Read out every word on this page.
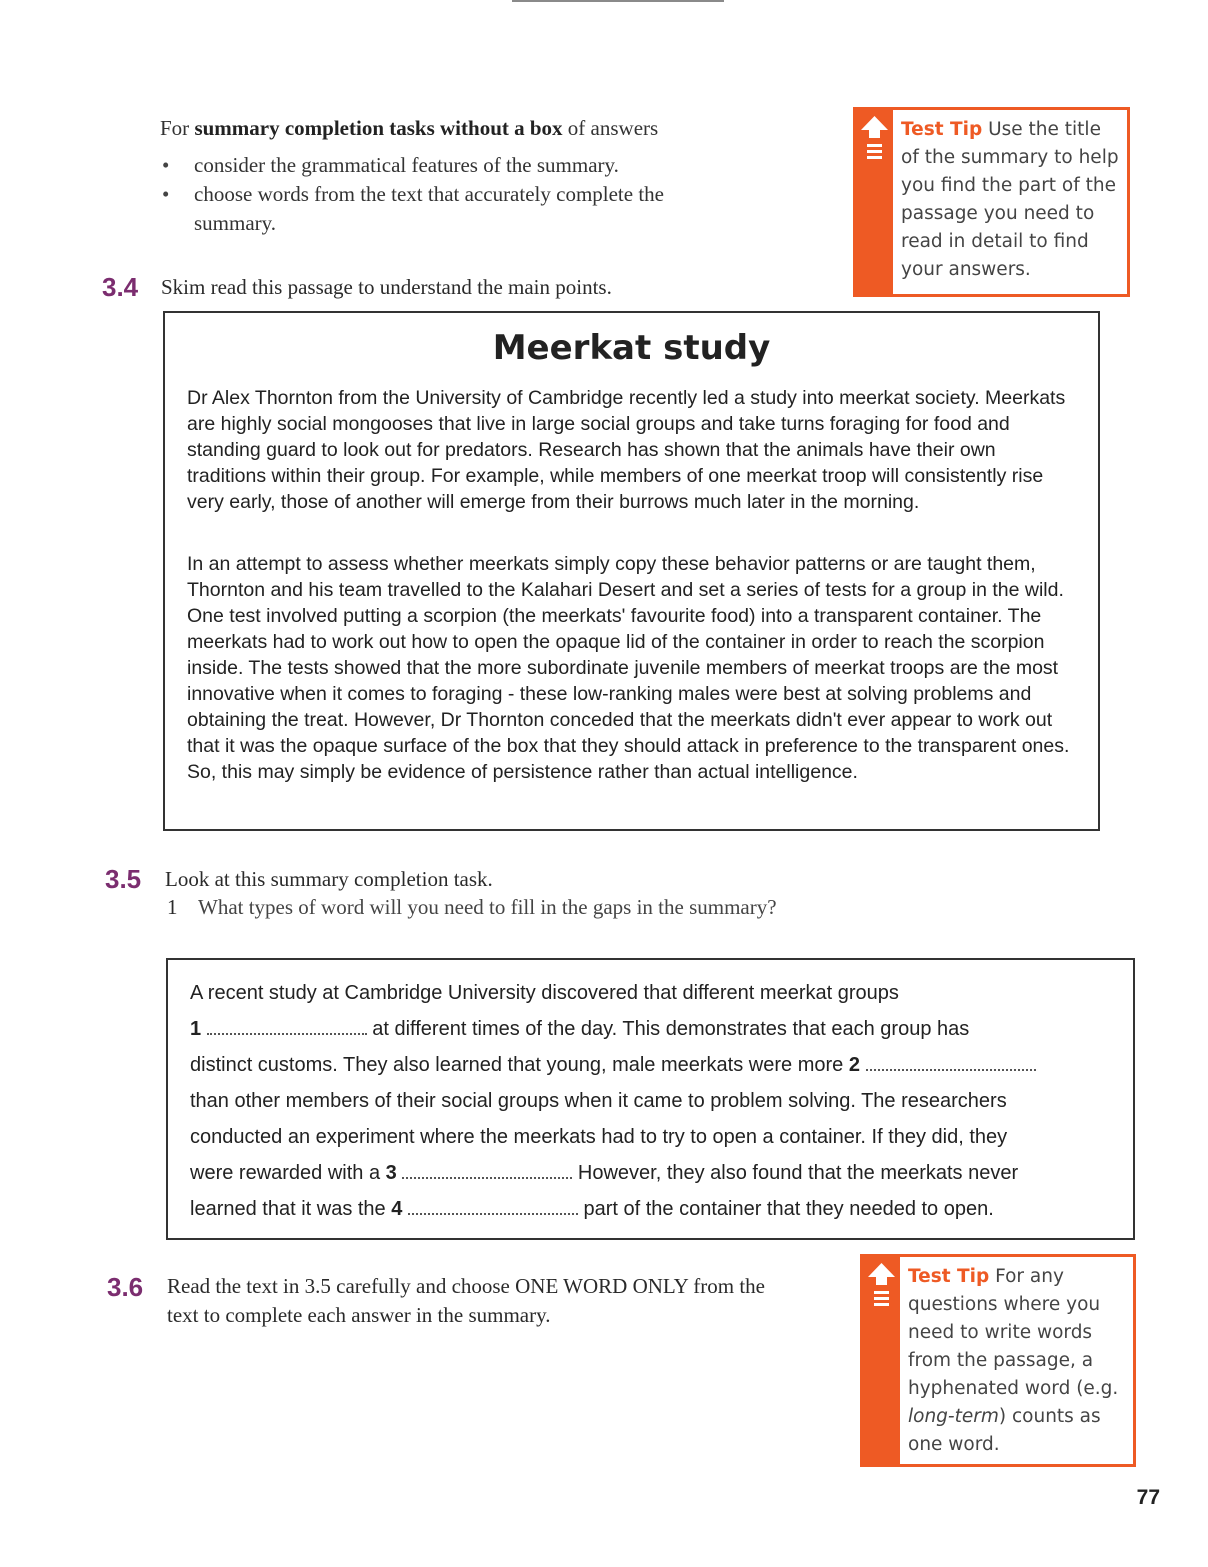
For summary completion tasks without a box of answers
• consider the grammatical features of the summary.
• choose words from the text that accurately complete the summary.
Test Tip Use the title of the summary to help you find the part of the passage you need to read in detail to find your answers.
3.4 Skim read this passage to understand the main points.
Meerkat study

Dr Alex Thornton from the University of Cambridge recently led a study into meerkat society. Meerkats are highly social mongooses that live in large social groups and take turns foraging for food and standing guard to look out for predators. Research has shown that the animals have their own traditions within their group. For example, while members of one meerkat troop will consistently rise very early, those of another will emerge from their burrows much later in the morning.

In an attempt to assess whether meerkats simply copy these behavior patterns or are taught them, Thornton and his team travelled to the Kalahari Desert and set a series of tests for a group in the wild. One test involved putting a scorpion (the meerkats' favourite food) into a transparent container. The meerkats had to work out how to open the opaque lid of the container in order to reach the scorpion inside. The tests showed that the more subordinate juvenile members of meerkat troops are the most innovative when it comes to foraging - these low-ranking males were best at solving problems and obtaining the treat. However, Dr Thornton conceded that the meerkats didn't ever appear to work out that it was the opaque surface of the box that they should attack in preference to the transparent ones. So, this may simply be evidence of persistence rather than actual intelligence.

3.5 Look at this summary completion task.
1 What types of word will you need to fill in the gaps in the summary?
A recent study at Cambridge University discovered that different meerkat groups
1	at different times of the day. This demonstrates that each group has
distinct customs. They also learned that young, male meerkats were more 2
than other members of their social groups when it came to problem solving. The researchers
conducted an experiment where the meerkats had to try to open a container. If they did, they
were rewarded with a 3	However, they also found that the meerkats never
learned that it was the 4	part of the container that they needed to open.
3.6 Read the text in 3.5 carefully and choose ONE WORD ONLY from the text to complete each answer in the summary.
Test Tip For any questions where you need to write words from the passage, a hyphenated word (e.g. long-term) counts as one word.
77
